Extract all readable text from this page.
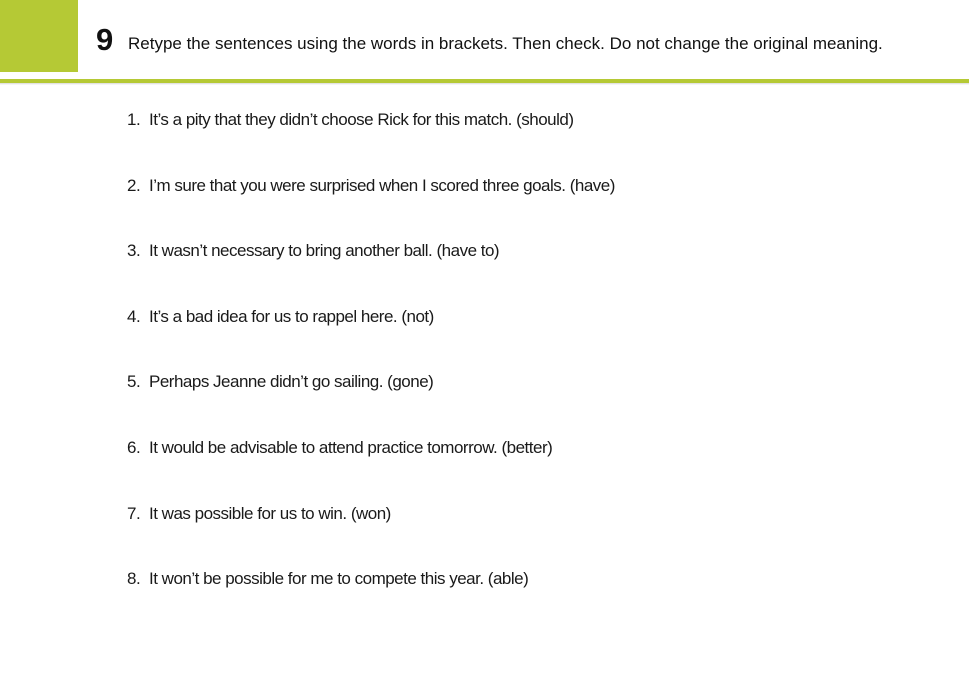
9 Retype the sentences using the words in brackets. Then check. Do not change the original meaning.
1. It’s a pity that they didn’t choose Rick for this match. (should)
2. I’m sure that you were surprised when I scored three goals. (have)
3. It wasn’t necessary to bring another ball. (have to)
4. It’s a bad idea for us to rappel here. (not)
5. Perhaps Jeanne didn’t go sailing. (gone)
6. It would be advisable to attend practice tomorrow. (better)
7. It was possible for us to win. (won)
8. It won’t be possible for me to compete this year. (able)
